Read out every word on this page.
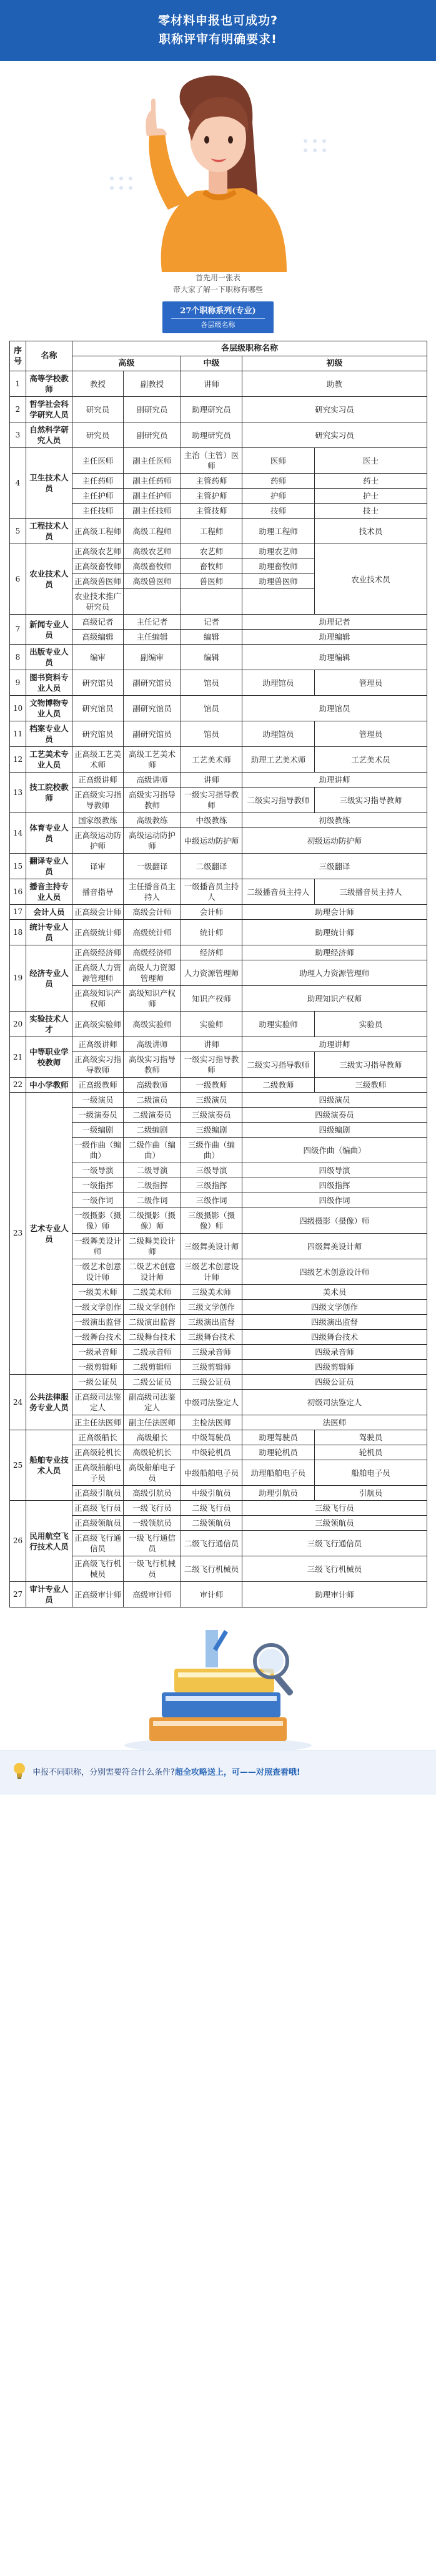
零材料申报也可成功?
职称评审有明确要求!
首先用一张表
带大家了解一下职称有哪些
27个职称系列(专业)
各层级名称
序号	名称	各层级职称名称				
		高级		中级	初级	
1	高等学校教师	教授	副教授	讲师	助教	
2	哲学社会科学研究人员	研究员	副研究员	助理研究员	研究实习员	
3	自然科学研究人员	研究员	副研究员	助理研究员	研究实习员	
4	卫生技术人员	主任医师	副主任医师	主治（主管）医师	医师	医士
		主任药师	副主任药师	主管药师	药师	药士
		主任护师	副主任护师	主管护师	护师	护士
		主任技师	副主任技师	主管技师	技师	技士
5	工程技术人员	正高级工程师	高级工程师	工程师	助理工程师	技术员
6	农业技术人员	正高级农艺师	高级农艺师	农艺师	助理农艺师	农业技术员
		正高级畜牧师	高级畜牧师	畜牧师	助理畜牧师	
		正高级兽医师	高级兽医师	兽医师	助理兽医师	
		农业技术推广研究员				
7	新闻专业人员	高级记者	主任记者	记者	助理记者	
		高级编辑	主任编辑	编辑	助理编辑	
8	出版专业人员	编审	副编审	编辑	助理编辑	
9	图书资料专业人员	研究馆员	副研究馆员	馆员	助理馆员	管理员
10	文物博物专业人员	研究馆员	副研究馆员	馆员	助理馆员	
11	档案专业人员	研究馆员	副研究馆员	馆员	助理馆员	管理员
12	工艺美术专业人员	正高级工艺美术师	高级工艺美术师	工艺美术师	助理工艺美术师	工艺美术员
13	技工院校教师	正高级讲师	高级讲师	讲师	助理讲师	
		正高级实习指导教师	高级实习指导教师	一级实习指导教师	二级实习指导教师	三级实习指导教师
14	体育专业人员	国家级教练	高级教练	中级教练	初级教练	
		正高级运动防护师	高级运动防护师	中级运动防护师	初级运动防护师	
15	翻译专业人员	译审	一级翻译	二级翻译	三级翻译	
16	播音主持专业人员	播音指导	主任播音员主持人	一级播音员主持人	二级播音员主持人	三级播音员主持人
17	会计人员	正高级会计师	高级会计师	会计师	助理会计师	
18	统计专业人员	正高级统计师	高级统计师	统计师	助理统计师	
19	经济专业人员	正高级经济师	高级经济师	经济师	助理经济师	
		正高级人力资源管理师	高级人力资源管理师	人力资源管理师	助理人力资源管理师	
		正高级知识产权师	高级知识产权师	知识产权师	助理知识产权师	
20	实验技术人才	正高级实验师	高级实验师	实验师	助理实验师	实验员
21	中等职业学校教师	正高级讲师	高级讲师	讲师	助理讲师	
		正高级实习指导教师	高级实习指导教师	一级实习指导教师	二级实习指导教师	三级实习指导教师
22	中小学教师	正高级教师	高级教师	一级教师	二级教师	三级教师
23	艺术专业人员	一级演员	二级演员	三级演员	四级演员	
		一级演奏员	二级演奏员	三级演奏员	四级演奏员	
		一级编剧	二级编剧	三级编剧	四级编剧	
		一级作曲（编曲）	二级作曲（编曲）	三级作曲（编曲）	四级作曲（编曲）	
		一级导演	二级导演	三级导演	四级导演	
		一级指挥	二级指挥	三级指挥	四级指挥	
		一级作词	二级作词	三级作词	四级作词	
		一级摄影（摄像）师	二级摄影（摄像）师	三级摄影（摄像）师	四级摄影（摄像）师	
		一级舞美设计师	二级舞美设计师	三级舞美设计师	四级舞美设计师	
		一级艺术创意设计师	二级艺术创意设计师	三级艺术创意设计师	四级艺术创意设计师	
		一级美术师	二级美术师	三级美术师	美术员	
		一级文学创作	二级文学创作	三级文学创作	四级文学创作	
		一级演出监督	二级演出监督	三级演出监督	四级演出监督	
		一级舞台技术	二级舞台技术	三级舞台技术	四级舞台技术	
		一级录音师	二级录音师	三级录音师	四级录音师	
		一级剪辑师	二级剪辑师	三级剪辑师	四级剪辑师	
24	公共法律服务专业人员	一级公证员	二级公证员	三级公证员	四级公证员	
		正高级司法鉴定人	副高级司法鉴定人	中级司法鉴定人	初级司法鉴定人	
		正主任法医师	副主任法医师	主检法医师	法医师	
25	船舶专业技术人员	正高级船长	高级船长	中级驾驶员	助理驾驶员	驾驶员
		正高级轮机长	高级轮机长	中级轮机员	助理轮机员	轮机员
		正高级船舶电子员	高级船舶电子员	中级船舶电子员	助理船舶电子员	船舶电子员
		正高级引航员	高级引航员	中级引航员	助理引航员	引航员
26	民用航空飞行技术人员	正高级飞行员	一级飞行员	二级飞行员	三级飞行员	
		正高级领航员	一级领航员	二级领航员	三级领航员	
		正高级飞行通信员	一级飞行通信员	二级飞行通信员	三级飞行通信员	
		正高级飞行机械员	一级飞行机械员	二级飞行机械员	三级飞行机械员	
27	审计专业人员	正高级审计师	高级审计师	审计师	助理审计师	
申报不同职称，分别需要符合什么条件?超全攻略送上，可——对照查看哦!
